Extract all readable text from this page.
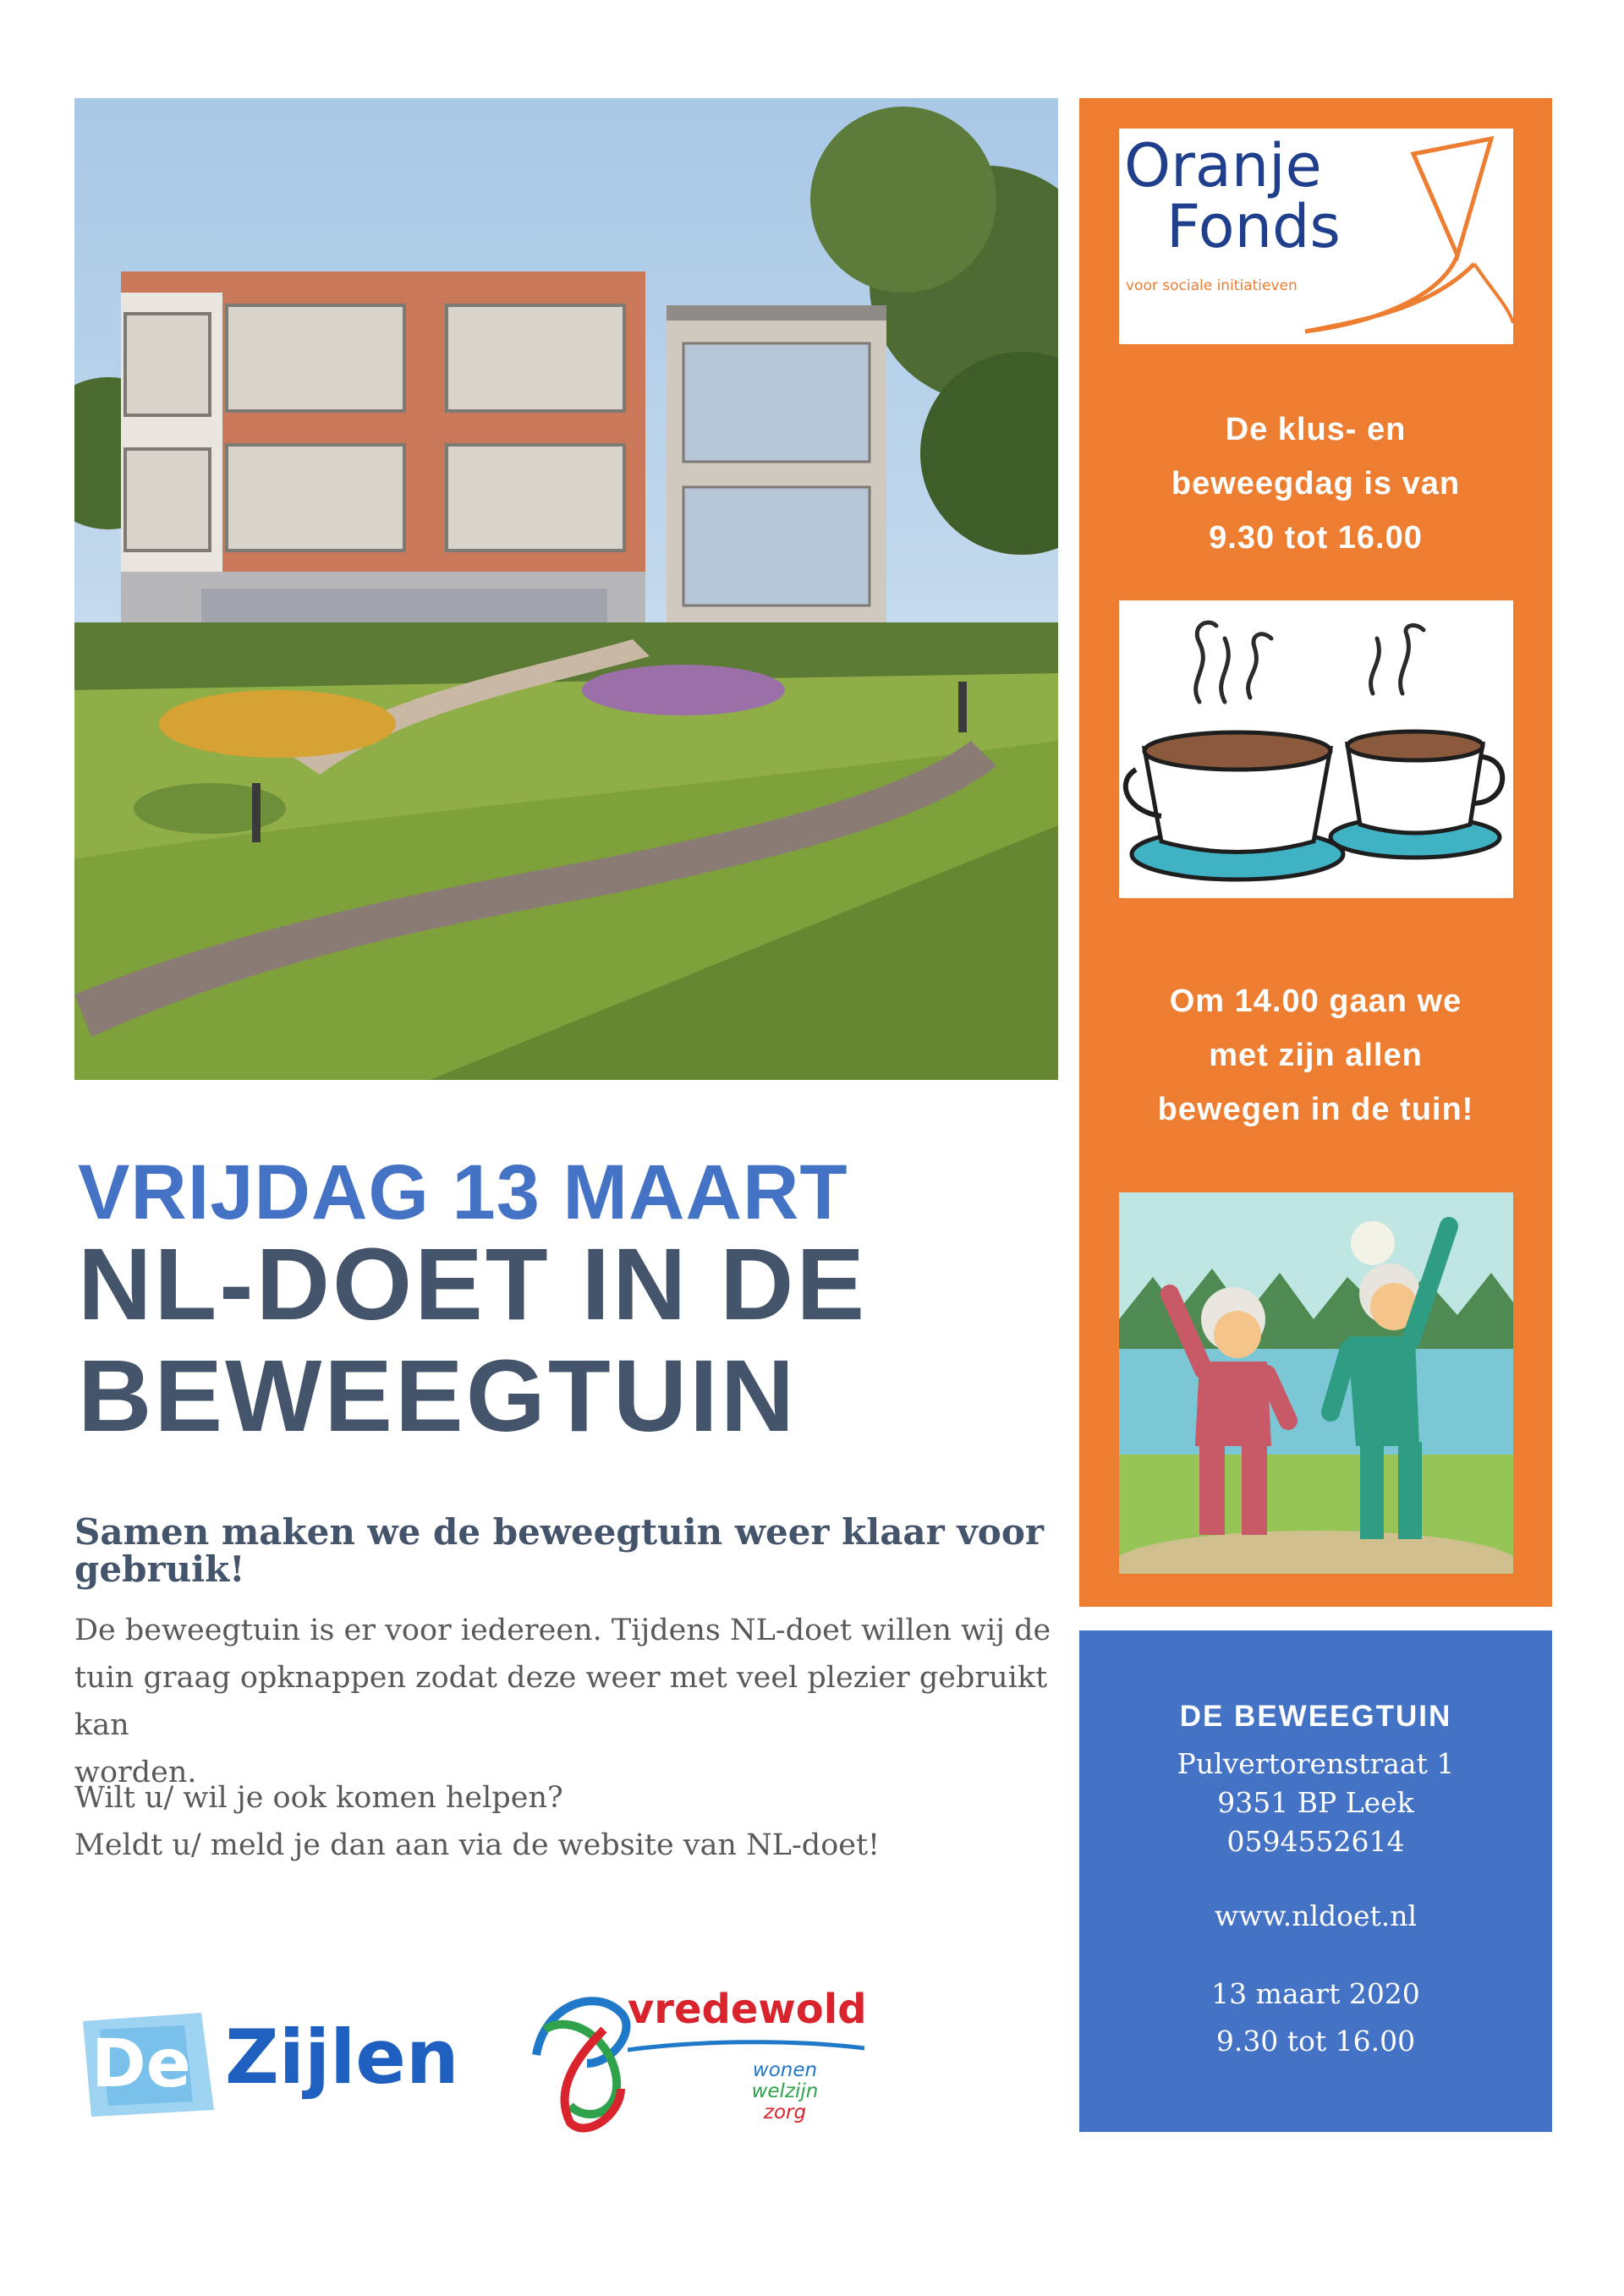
Oranje
Fonds
voor sociale initiatieven
De klus- en
beweegdag is van
9.30 tot 16.00
Om 14.00 gaan we
met zijn allen
bewegen in de tuin!
DE BEWEEGTUIN
Pulvertorenstraat 1
9351 BP Leek
0594552614
www.nldoet.nl
13 maart 2020
9.30 tot 16.00
VRIJDAG 13 MAART
NL-DOET IN DE
BEWEEGTUIN
Samen maken we de beweegtuin weer klaar voor gebruik!
De beweegtuin is er voor iedereen. Tijdens NL-doet willen wij de
tuin graag opknappen zodat deze weer met veel plezier gebruikt kan
worden.
Wilt u/ wil je ook komen helpen?
Meldt u/ meld je dan aan via de website van NL-doet!
De Zijlen
vredewold
wonen
welzijn
zorg
